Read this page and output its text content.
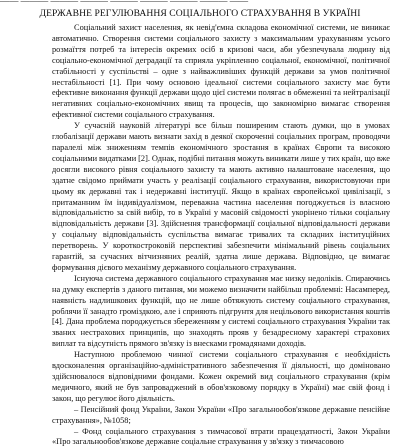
—— ——— ——— ——— ——— ——— ——— ——— ——
ДЕРЖАВНЕ РЕГУЛЮВАННЯ СОЦІАЛЬНОГО СТРАХУВАННЯ В УКРАЇНІ

Соціальний захист населення, як невід'ємна складова економічної системи, не виникає автоматично. Створення системи соціального захисту з максимальним урахуванням усього розмаїття потреб та інтересів окремих осіб в кризові часи, аби убезпечувала людину від соціально-економічної деградації та сприяла укріпленню соціальної, економічної, політичної стабільності у суспільстві – одне з найважливіших функцій держави за умов політичної нестабільності [1]. При чому основою ідеальної системи соціального захисту має бути ефективне виконання функції держави щодо цієї системи полягає в обмеженні та нейтралізації негативних соціально-економічних явищ та процесів, що закономірно вимагає створення ефективної системи соціального страхування.

У сучасній науковій літературі все більш поширеним стають думки, що в умовах глобалізації держави мають визнати захід в деякої скороченні соціальних програм, проводячи паралелі між зниженням темпів економічного зростання в країнах Європи та високою соціальними видатками [2]. Однак, подібні питання можуть виникати лише у тих країн, що вже досягли високого рівня соціального захисту та мають активно налаштоване населення, що здатне свідомо приймати участь у реалізації соціального страхування, використовуючи при цьому як державні так і недержавні інституції. Якщо в країнах європейської цивілізації, з притаманним їм індивідуалізмом, переважна частина населення погоджується із власною відповідальністю за свій вибір, то в Україні у масовій свідомості укорінено тільки соціальну відповідальність держави [3]. Здійснення трансформації соціальної відповідальності держави у соціальну відповідальність суспільства вимагає тривалих та складних інституційних перетворень. У короткостроковій перспективі забезпечити мінімальний рівень соціальних гарантій, за сучасних вітчизняних реалій, здатна лише держава. Відповідно, це вимагає формування дієвого механізму державного соціального страхування.

Існуюча система державного соціального страхування має низку недоліків. Спираючись на думку експертів з даного питання, ми можемо визначити найбільш проблемні: Насамперед, наявність надлишкових функцій, що не лише обтяжують систему соціального страхування, роблячи її занадто громіздкою, але і сприяють підгрунтя для нецільового використання коштів [4]. Дана проблема породжується збереженням у системі соціального страхування України так званих нестрахових принципів, що знаходять прояв у безадресному характері страхових виплат та відсутність прямого зв'язку із внесками громадянами доходів.

Наступною проблемою чинної системи соціального страхування є необхідність вдосконалення організаційно-адміністративного забезпечення її діяльності, що доміновано здійснювалося відповідними фондами. Кожен окремий вид соціального страхування (крім медичного, який не був запроваджений в обов'язковому порядку в Україні) має свій фонд і закон, що регулює його діяльність.

– Пенсійний фонд України, Закон України «Про загальнообов'язкове державне пенсійне страхування», №1058;

– Фонд соціального страхування з тимчасової втрати працездатності, Закон України «Про загальнообов'язкове державне соціальне страхування у зв'язку з тимчасовою
